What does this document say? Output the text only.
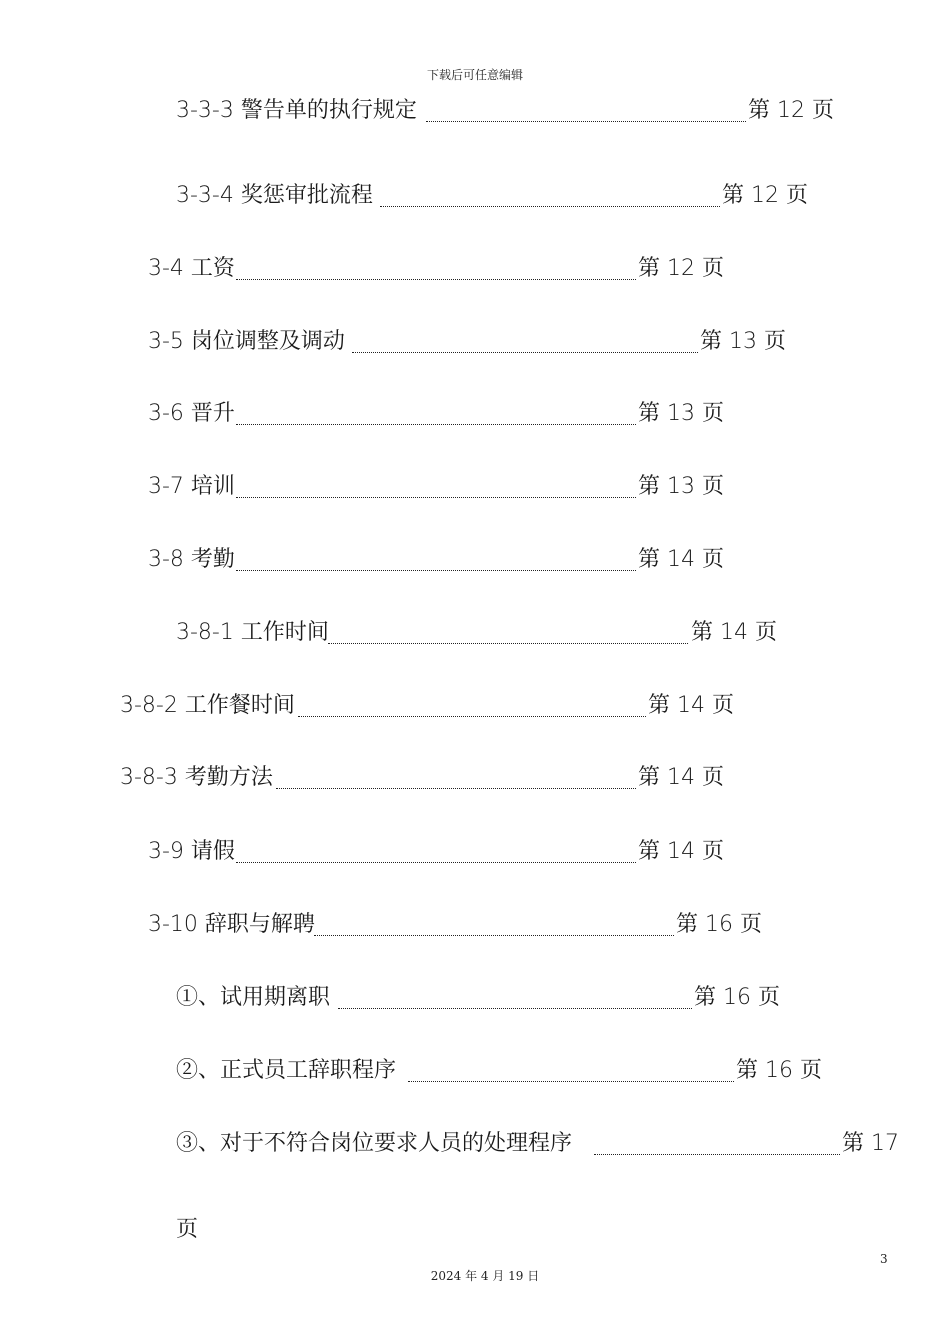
下载后可任意编辑
3-3-3 警告单的执行规定	第 12 页
3-3-4 奖惩审批流程	第 12 页
3-4 工资	第 12 页
3-5 岗位调整及调动	第 13 页
3-6 晋升	第 13 页
3-7 培训	第 13 页
3-8 考勤	第 14 页
3-8-1 工作时间	第 14 页
3-8-2 工作餐时间	第 14 页
3-8-3 考勤方法	第 14 页
3-9 请假	第 14 页
3-10 辞职与解聘	第 16 页
①、试用期离职	第 16 页
②、正式员工辞职程序	第 16 页
③、对于不符合岗位要求人员的处理程序	第 17
页
3
2024 年 4 月 19 日
